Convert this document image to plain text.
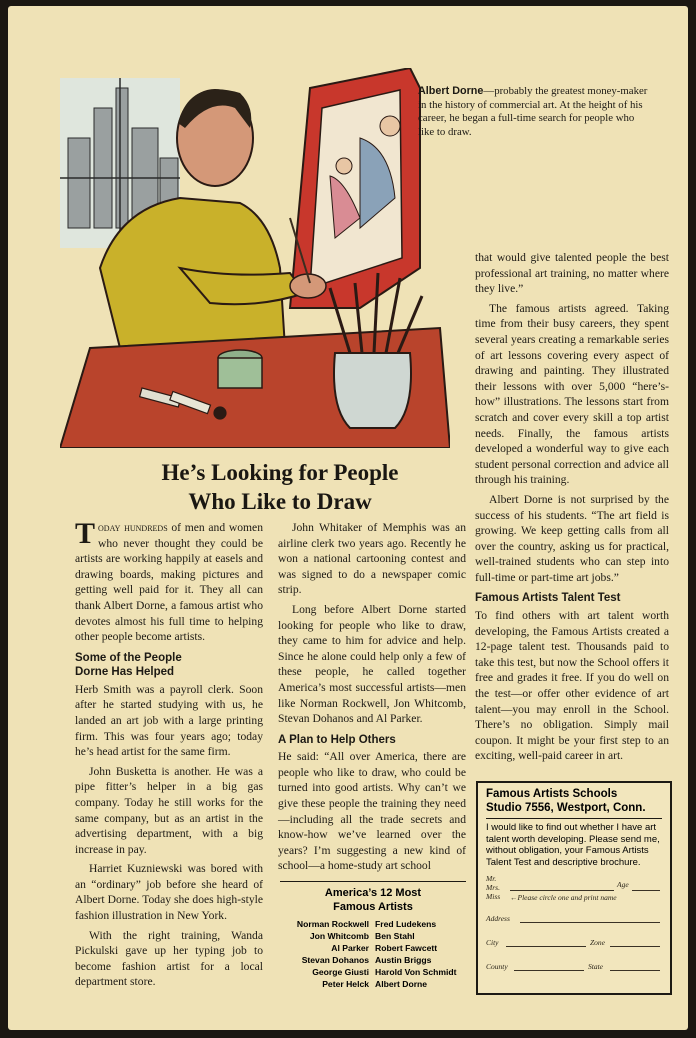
Albert Dorne—probably the greatest money-maker in the history of commercial art. At the height of his career, he began a full-time search for people who like to draw.
He’s Looking for People
Who Like to Draw

Today hundreds of men and women who never thought they could be artists are working happily at easels and drawing boards, making pictures and getting well paid for it. They all can thank Albert Dorne, a famous artist who devotes almost his full time to helping other people become artists.

Some of the People
Dorne Has Helped

Herb Smith was a payroll clerk. Soon after he started studying with us, he landed an art job with a large printing firm. This was four years ago; today he’s head artist for the same firm.

John Busketta is another. He was a pipe fitter’s helper in a big gas company. Today he still works for the same company, but as an artist in the advertising department, with a big increase in pay.

Harriet Kuzniewski was bored with an “ordinary” job before she heard of Albert Dorne. Today she does high-style fashion illustration in New York.

With the right training, Wanda Pickulski gave up her typing job to become fashion artist for a local department store.

John Whitaker of Memphis was an airline clerk two years ago. Recently he won a national cartooning contest and was signed to do a newspaper comic strip.

Long before Albert Dorne started looking for people who like to draw, they came to him for advice and help. Since he alone could help only a few of these people, he called together America’s most successful artists—men like Norman Rockwell, Jon Whitcomb, Stevan Dohanos and Al Parker.

A Plan to Help Others

He said: “All over America, there are people who like to draw, who could be turned into good artists. Why can’t we give these people the training they need—including all the trade secrets and know-how we’ve learned over the years? I’m suggesting a new kind of school—a home-study art school

America’s 12 Most
Famous Artists
Norman Rockwell
Jon Whitcomb
Al Parker
Stevan Dohanos
George Giusti
Peter Helck
Fred Ludekens
Ben Stahl
Robert Fawcett
Austin Briggs
Harold Von Schmidt
Albert Dorne

that would give talented people the best professional art training, no matter where they live.”

The famous artists agreed. Taking time from their busy careers, they spent several years creating a remarkable series of art lessons covering every aspect of drawing and painting. They illustrated their lessons with over 5,000 “here’s-how” illustrations. The lessons start from scratch and cover every skill a top artist needs. Finally, the famous artists developed a wonderful way to give each student personal correction and advice all through his training.

Albert Dorne is not surprised by the success of his students. “The art field is growing. We keep getting calls from all over the country, asking us for practical, well-trained students who can step into full-time or part-time art jobs.”

Famous Artists Talent Test

To find others with art talent worth developing, the Famous Artists created a 12-page talent test. Thousands paid to take this test, but now the School offers it free and grades it free. If you do well on the test—or offer other evidence of art talent—you may enroll in the School. There’s no obligation. Simply mail coupon. It might be your first step to an exciting, well-paid career in art.

Famous Artists Schools
Studio 7556, Westport, Conn.
I would like to find out whether I have art talent worth developing. Please send me, without obligation, your Famous Artists Talent Test and descriptive brochure.
Mr.
Mrs.
Miss
Age
←Please circle one and print name
Address
City	Zone
County	State
